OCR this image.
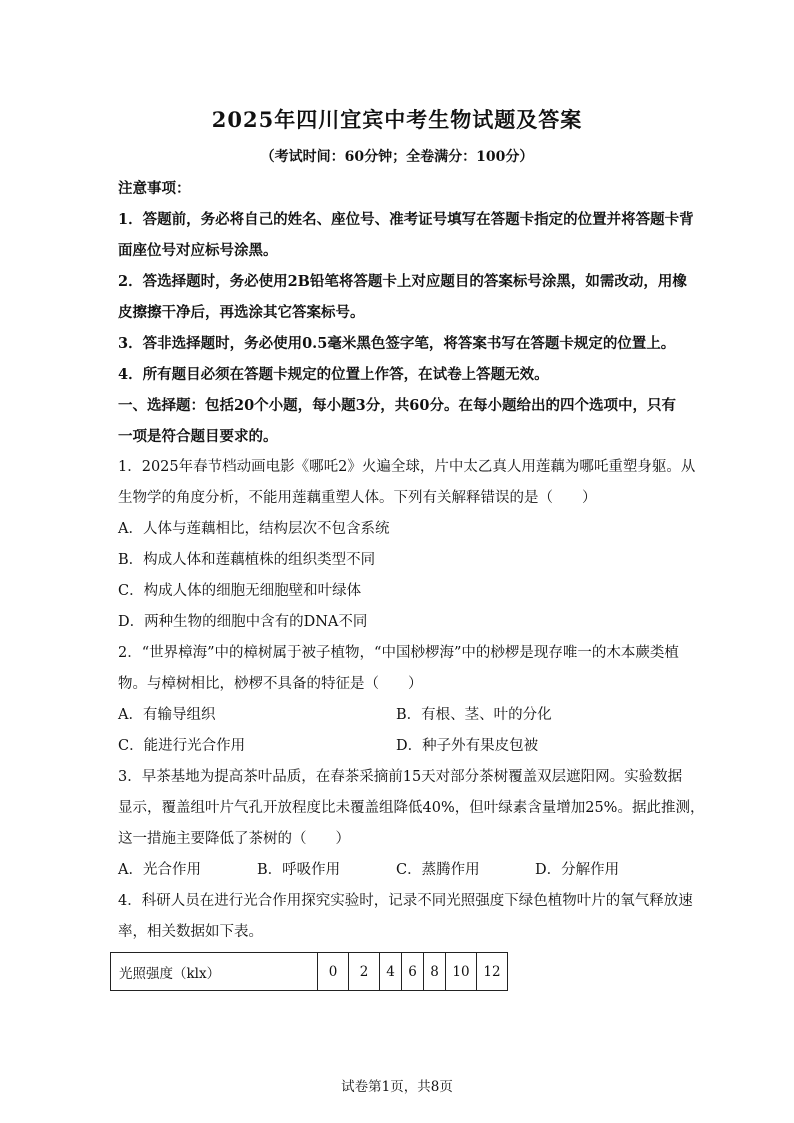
2025年四川宜宾中考生物试题及答案
（考试时间：60分钟；全卷满分：100分）
注意事项：
1．答题前，务必将自己的姓名、座位号、准考证号填写在答题卡指定的位置并将答题卡背
面座位号对应标号涂黑。
2．答选择题时，务必使用2B铅笔将答题卡上对应题目的答案标号涂黑，如需改动，用橡
皮擦擦干净后，再选涂其它答案标号。
3．答非选择题时，务必使用0.5毫米黑色签字笔，将答案书写在答题卡规定的位置上。
4．所有题目必须在答题卡规定的位置上作答，在试卷上答题无效。
一、选择题：包括20个小题，每小题3分，共60分。在每小题给出的四个选项中，只有
一项是符合题目要求的。
1．2025年春节档动画电影《哪吒2》火遍全球，片中太乙真人用莲藕为哪吒重塑身躯。从
生物学的角度分析，不能用莲藕重塑人体。下列有关解释错误的是（　　）
A．人体与莲藕相比，结构层次不包含系统
B．构成人体和莲藕植株的组织类型不同
C．构成人体的细胞无细胞壁和叶绿体
D．两种生物的细胞中含有的DNA不同
2．“世界樟海”中的樟树属于被子植物，“中国桫椤海”中的桫椤是现存唯一的木本蕨类植
物。与樟树相比，桫椤不具备的特征是（　　）
A．有输导组织	B．有根、茎、叶的分化
C．能进行光合作用	D．种子外有果皮包被
3．早茶基地为提高茶叶品质，在春茶采摘前15天对部分茶树覆盖双层遮阳网。实验数据
显示，覆盖组叶片气孔开放程度比未覆盖组降低40%，但叶绿素含量增加25%。据此推测，
这一措施主要降低了茶树的（　　）
A．光合作用	B．呼吸作用	C．蒸腾作用	D．分解作用
4．科研人员在进行光合作用探究实验时，记录不同光照强度下绿色植物叶片的氧气释放速
率，相关数据如下表。
光照强度（klx）	0	2	4	6	8	10	12
试卷第1页，共8页
